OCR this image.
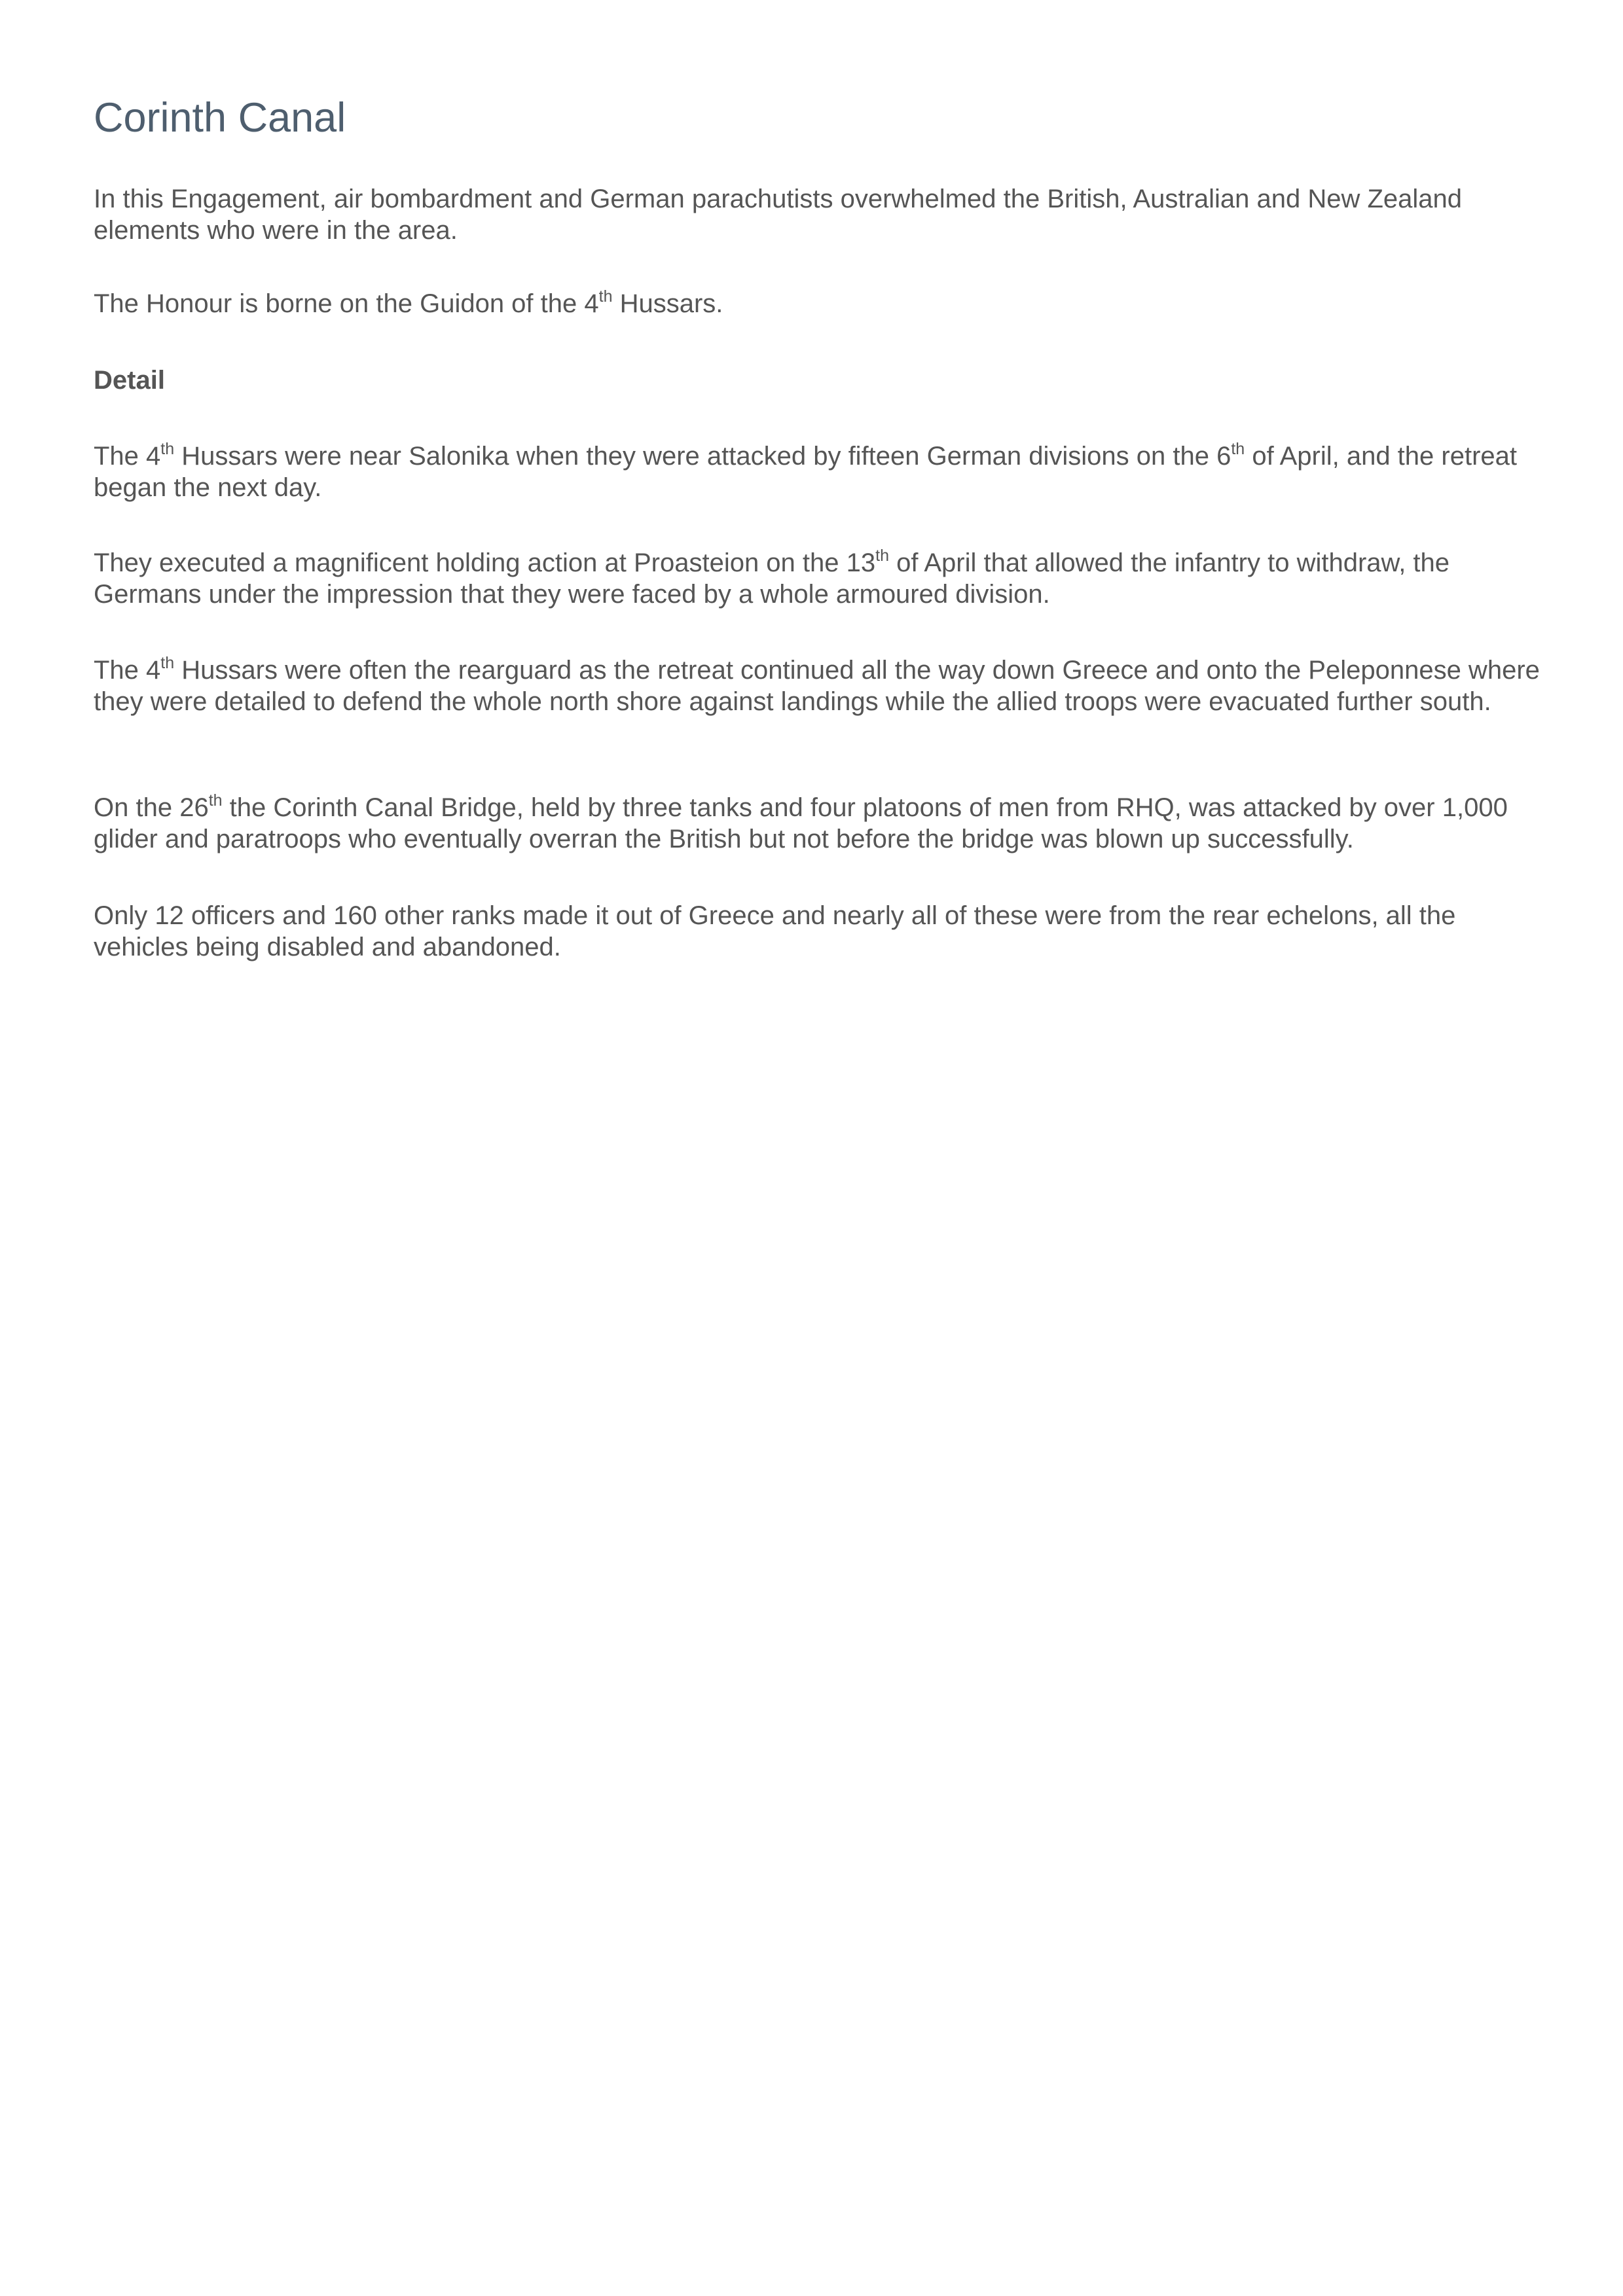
Corinth Canal

In this Engagement, air bombardment and German parachutists overwhelmed the British, Australian and New Zealand elements who were in the area.

The Honour is borne on the Guidon of the 4th Hussars.

Detail

The 4th Hussars were near Salonika when they were attacked by fifteen German divisions on the 6th of April, and the retreat began the next day.

They executed a magnificent holding action at Proasteion on the 13th of April that allowed the infantry to withdraw, the Germans under the impression that they were faced by a whole armoured division.

The 4th Hussars were often the rearguard as the retreat continued all the way down Greece and onto the Peleponnese where they were detailed to defend the whole north shore against landings while the allied troops were evacuated further south.

On the 26th the Corinth Canal Bridge, held by three tanks and four platoons of men from RHQ, was attacked by over 1,000 glider and paratroops who eventually overran the British but not before the bridge was blown up successfully.

Only 12 officers and 160 other ranks made it out of Greece and nearly all of these were from the rear echelons, all the vehicles being disabled and abandoned.
